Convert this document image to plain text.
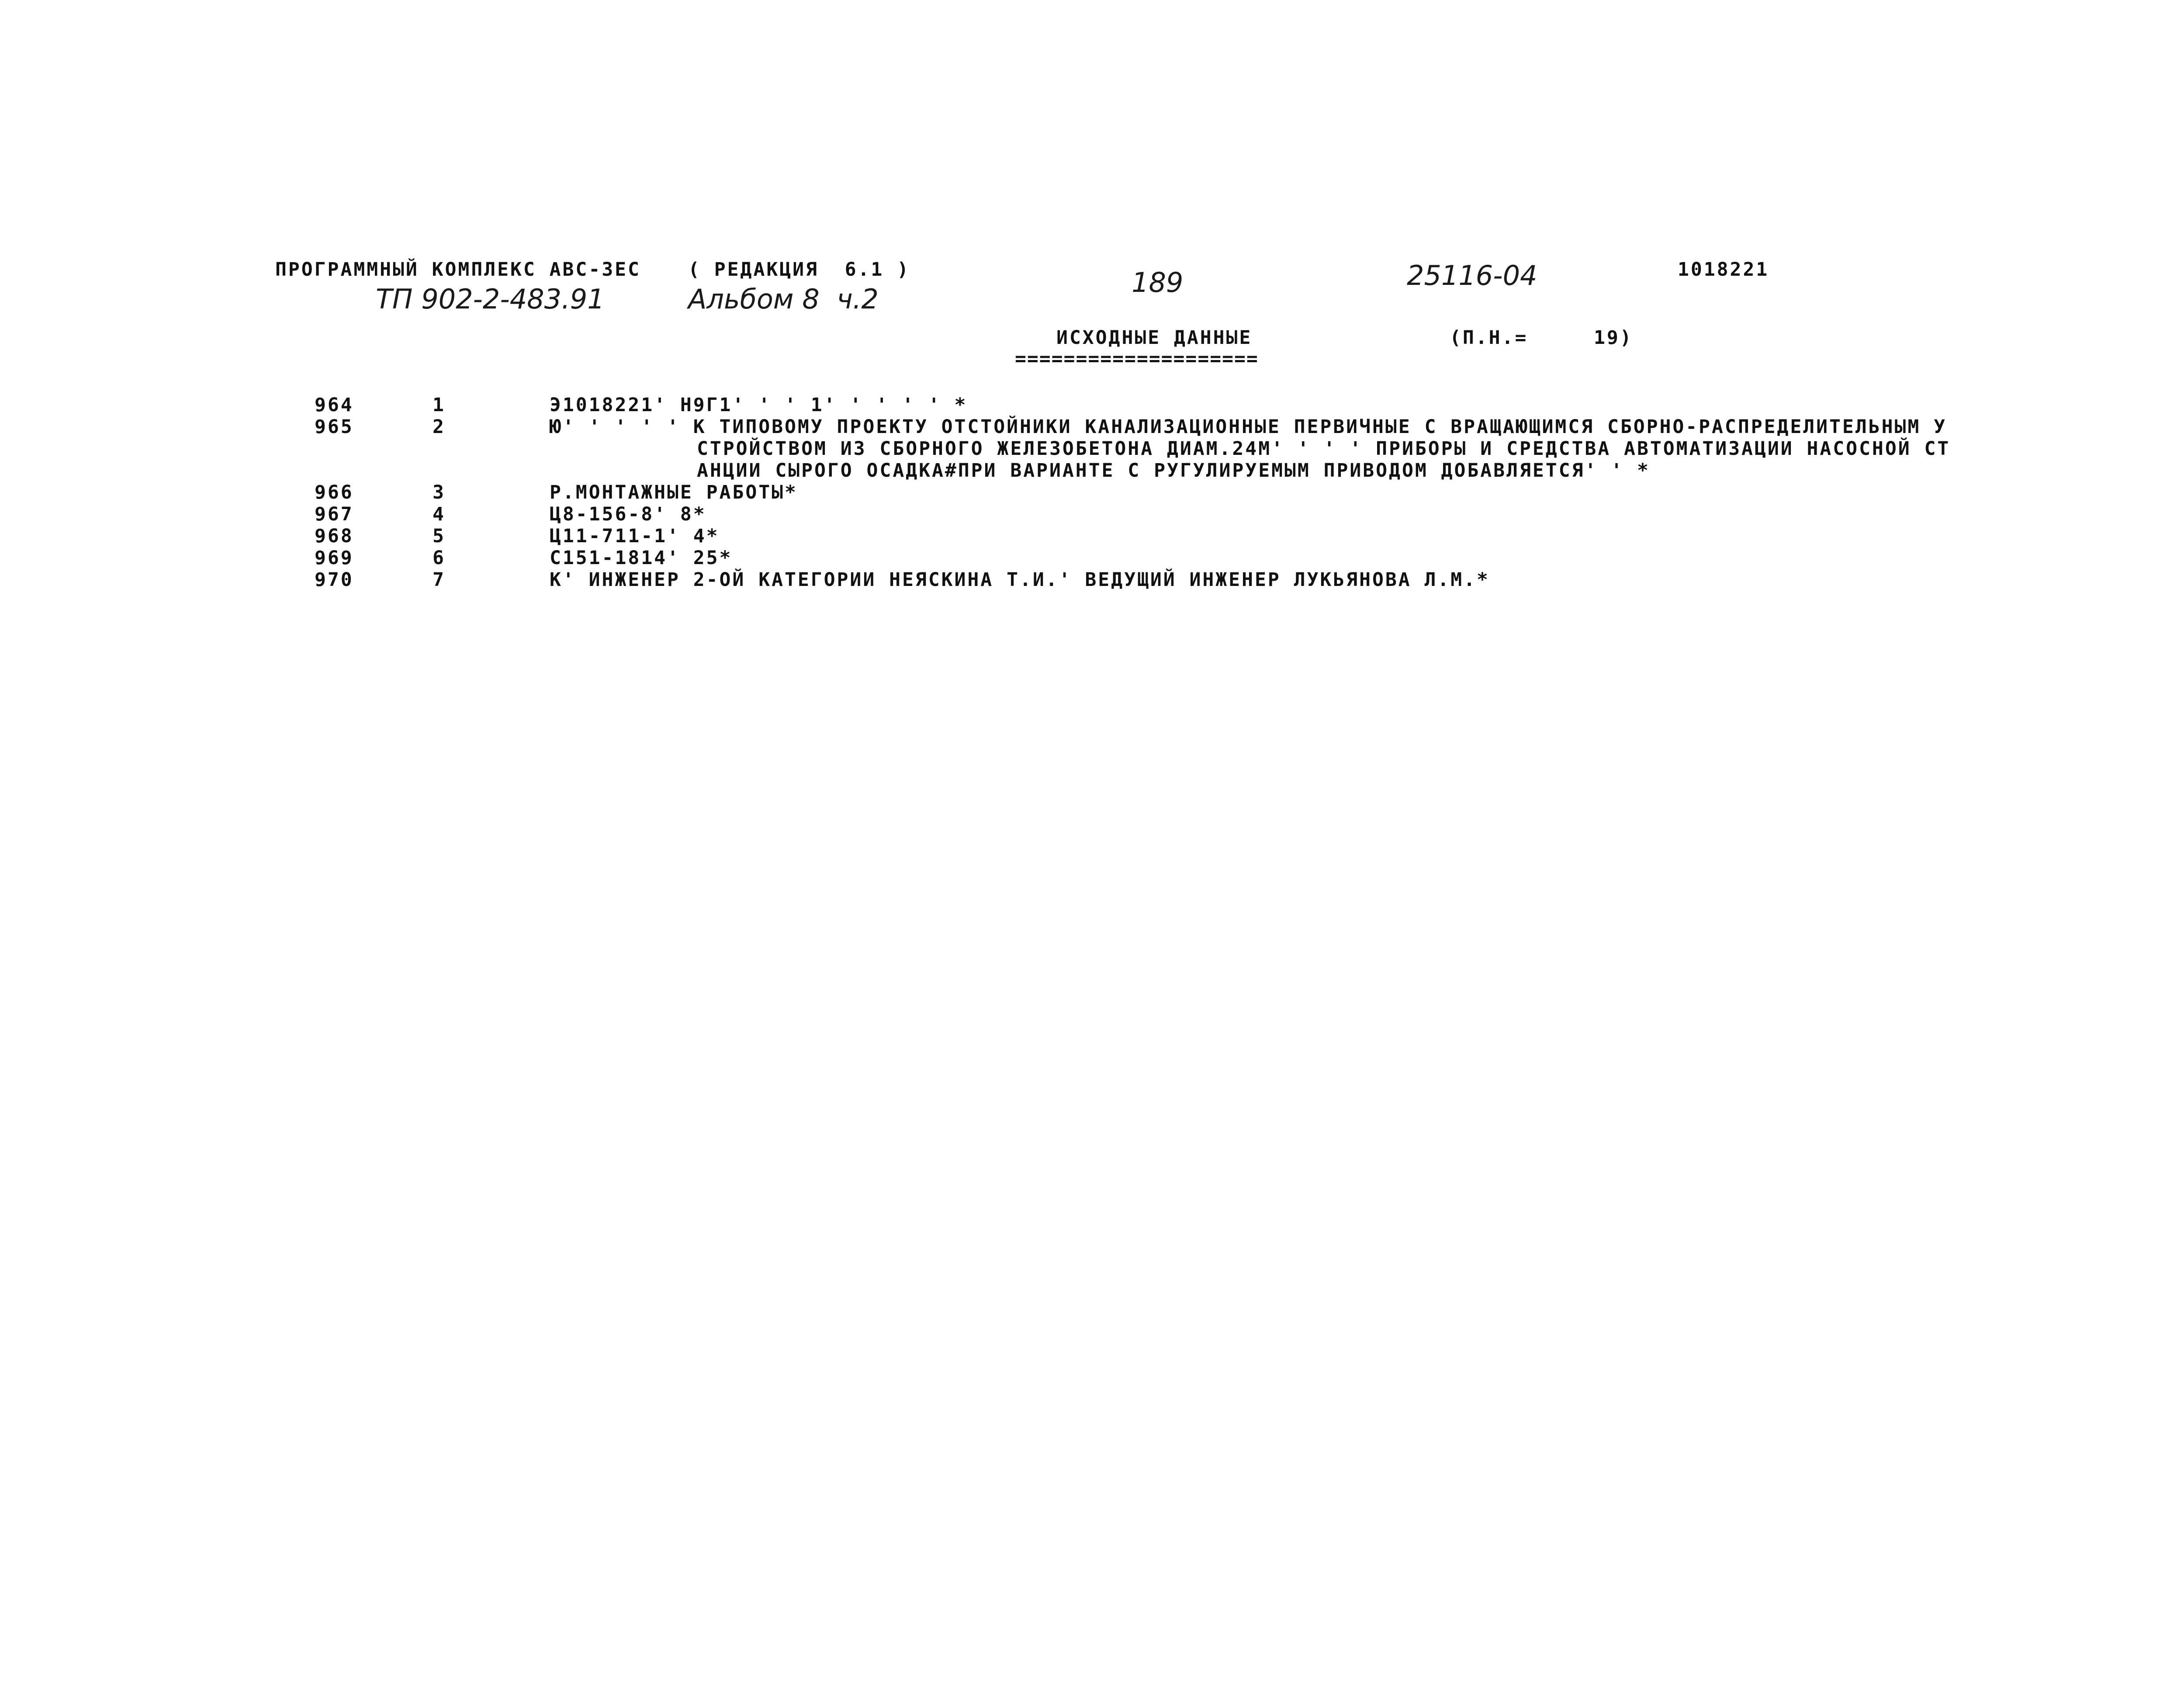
ПРОГРАММНЫЙ КОМПЛЕКС АВС-3ЕС	( РЕДАКЦИЯ  6.1 )	1018221
ТП 902-2-483.91	Альбом 8  ч.2
189	25116-04
ИСХОДНЫЕ ДАННЫЕ
====================
(П.Н.=	19)
964	1	Э1018221' Н9Г1' ' ' 1' ' ' ' ' *
965	2	Ю' ' ' ' ' К ТИПОВОМУ ПРОЕКТУ ОТСТОЙНИКИ КАНАЛИЗАЦИОННЫЕ ПЕРВИЧНЫЕ С ВРАЩАЮЩИМСЯ СБОРНО-РАСПРЕДЕЛИТЕЛЬНЫМ У
СТРОЙСТВОМ ИЗ СБОРНОГО ЖЕЛЕЗОБЕТОНА ДИАМ.24М' ' ' ' ПРИБОРЫ И СРЕДСТВА АВТОМАТИЗАЦИИ НАСОСНОЙ СТ
АНЦИИ СЫРОГО ОСАДКА#ПРИ ВАРИАНТЕ С РУГУЛИРУЕМЫМ ПРИВОДОМ ДОБАВЛЯЕТСЯ' ' *
966	3	Р.МОНТАЖНЫЕ РАБОТЫ*
967	4	Ц8-156-8' 8*
968	5	Ц11-711-1' 4*
969	6	С151-1814' 25*
970	7	К' ИНЖЕНЕР 2-ОЙ КАТЕГОРИИ НЕЯСКИНА Т.И.' ВЕДУЩИЙ ИНЖЕНЕР ЛУКЬЯНОВА Л.М.*
